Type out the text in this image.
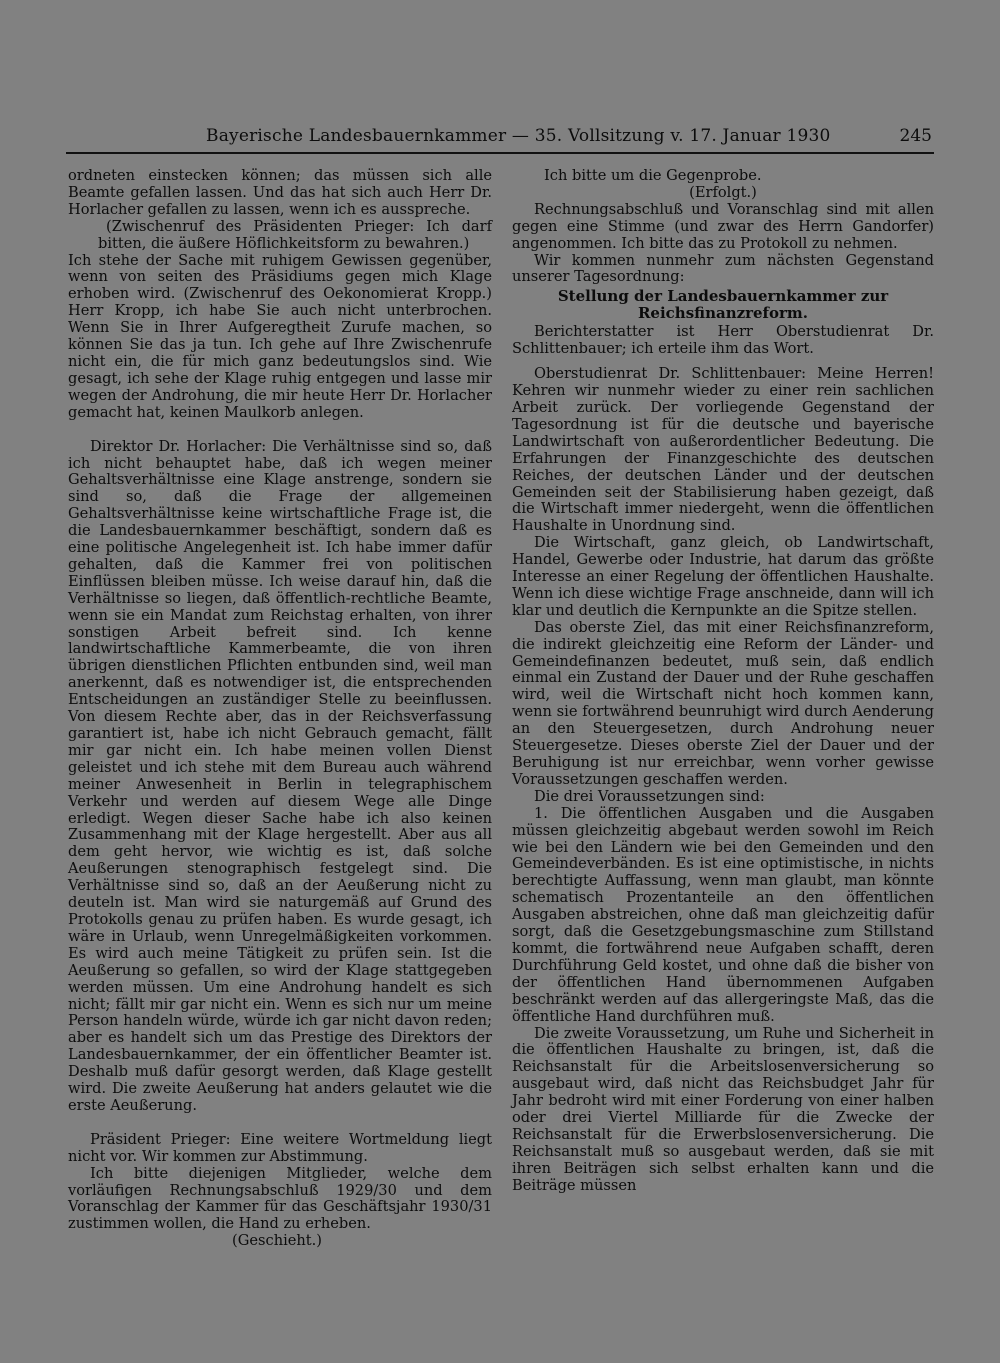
Bayerische Landesbauernkammer — 35. Vollsitzung v. 17. Januar 1930	245

ordneten einstecken können; das müssen sich alle Beamte gefallen lassen. Und das hat sich auch Herr Dr. Horlacher gefallen zu lassen, wenn ich es ausspreche.

(Zwischenruf des Präsidenten Prieger: Ich darf bitten, die äußere Höflichkeitsform zu bewahren.)

Ich stehe der Sache mit ruhigem Gewissen gegenüber, wenn von seiten des Präsidiums gegen mich Klage erhoben wird. (Zwischenruf des Oekonomierat Kropp.) Herr Kropp, ich habe Sie auch nicht unterbrochen. Wenn Sie in Ihrer Aufgeregtheit Zurufe machen, so können Sie das ja tun. Ich gehe auf Ihre Zwischenrufe nicht ein, die für mich ganz bedeutungslos sind. Wie gesagt, ich sehe der Klage ruhig entgegen und lasse mir wegen der Androhung, die mir heute Herr Dr. Horlacher gemacht hat, keinen Maulkorb anlegen.

Direktor Dr. Horlacher: Die Verhältnisse sind so, daß ich nicht behauptet habe, daß ich wegen meiner Gehaltsverhältnisse eine Klage anstrenge, sondern sie sind so, daß die Frage der allgemeinen Gehaltsverhältnisse keine wirtschaftliche Frage ist, die die Landesbauernkammer beschäftigt, sondern daß es eine politische Angelegenheit ist. Ich habe immer dafür gehalten, daß die Kammer frei von politischen Einflüssen bleiben müsse. Ich weise darauf hin, daß die Verhältnisse so liegen, daß öffentlich-rechtliche Beamte, wenn sie ein Mandat zum Reichstag erhalten, von ihrer sonstigen Arbeit befreit sind. Ich kenne landwirtschaftliche Kammerbeamte, die von ihren übrigen dienstlichen Pflichten entbunden sind, weil man anerkennt, daß es notwendiger ist, die entsprechenden Entscheidungen an zuständiger Stelle zu beeinflussen. Von diesem Rechte aber, das in der Reichsverfassung garantiert ist, habe ich nicht Gebrauch gemacht, fällt mir gar nicht ein. Ich habe meinen vollen Dienst geleistet und ich stehe mit dem Bureau auch während meiner Anwesenheit in Berlin in telegraphischem Verkehr und werden auf diesem Wege alle Dinge erledigt. Wegen dieser Sache habe ich also keinen Zusammenhang mit der Klage hergestellt. Aber aus all dem geht hervor, wie wichtig es ist, daß solche Aeußerungen stenographisch festgelegt sind. Die Verhältnisse sind so, daß an der Aeußerung nicht zu deuteln ist. Man wird sie naturgemäß auf Grund des Protokolls genau zu prüfen haben. Es wurde gesagt, ich wäre in Urlaub, wenn Unregelmäßigkeiten vorkommen. Es wird auch meine Tätigkeit zu prüfen sein. Ist die Aeußerung so gefallen, so wird der Klage stattgegeben werden müssen. Um eine Androhung handelt es sich nicht; fällt mir gar nicht ein. Wenn es sich nur um meine Person handeln würde, würde ich gar nicht davon reden; aber es handelt sich um das Prestige des Direktors der Landesbauernkammer, der ein öffentlicher Beamter ist. Deshalb muß dafür gesorgt werden, daß Klage gestellt wird. Die zweite Aeußerung hat anders gelautet wie die erste Aeußerung.

Präsident Prieger: Eine weitere Wortmeldung liegt nicht vor. Wir kommen zur Abstimmung.

Ich bitte diejenigen Mitglieder, welche dem vorläufigen Rechnungsabschluß 1929/30 und dem Voranschlag der Kammer für das Geschäftsjahr 1930/31 zustimmen wollen, die Hand zu erheben.

(Geschieht.)

Ich bitte um die Gegenprobe.

(Erfolgt.)

Rechnungsabschluß und Voranschlag sind mit allen gegen eine Stimme (und zwar des Herrn Gandorfer) angenommen. Ich bitte das zu Protokoll zu nehmen.

Wir kommen nunmehr zum nächsten Gegenstand unserer Tagesordnung:

Stellung der Landesbauernkammer zur Reichsfinanzreform.

Berichterstatter ist Herr Oberstudienrat Dr. Schlittenbauer; ich erteile ihm das Wort.

Oberstudienrat Dr. Schlittenbauer: Meine Herren! Kehren wir nunmehr wieder zu einer rein sachlichen Arbeit zurück. Der vorliegende Gegenstand der Tagesordnung ist für die deutsche und bayerische Landwirtschaft von außerordentlicher Bedeutung. Die Erfahrungen der Finanzgeschichte des deutschen Reiches, der deutschen Länder und der deutschen Gemeinden seit der Stabilisierung haben gezeigt, daß die Wirtschaft immer niedergeht, wenn die öffentlichen Haushalte in Unordnung sind.

Die Wirtschaft, ganz gleich, ob Landwirtschaft, Handel, Gewerbe oder Industrie, hat darum das größte Interesse an einer Regelung der öffentlichen Haushalte. Wenn ich diese wichtige Frage anschneide, dann will ich klar und deutlich die Kernpunkte an die Spitze stellen.

Das oberste Ziel, das mit einer Reichsfinanzreform, die indirekt gleichzeitig eine Reform der Länder- und Gemeindefinanzen bedeutet, muß sein, daß endlich einmal ein Zustand der Dauer und der Ruhe geschaffen wird, weil die Wirtschaft nicht hoch kommen kann, wenn sie fortwährend beunruhigt wird durch Aenderung an den Steuergesetzen, durch Androhung neuer Steuergesetze. Dieses oberste Ziel der Dauer und der Beruhigung ist nur erreichbar, wenn vorher gewisse Voraussetzungen geschaffen werden.

Die drei Voraussetzungen sind:

1. Die öffentlichen Ausgaben und die Ausgaben müssen gleichzeitig abgebaut werden sowohl im Reich wie bei den Ländern wie bei den Gemeinden und den Gemeindeverbänden. Es ist eine optimistische, in nichts berechtigte Auffassung, wenn man glaubt, man könnte schematisch Prozentanteile an den öffentlichen Ausgaben abstreichen, ohne daß man gleichzeitig dafür sorgt, daß die Gesetzgebungsmaschine zum Stillstand kommt, die fortwährend neue Aufgaben schafft, deren Durchführung Geld kostet, und ohne daß die bisher von der öffentlichen Hand übernommenen Aufgaben beschränkt werden auf das allergeringste Maß, das die öffentliche Hand durchführen muß.

Die zweite Voraussetzung, um Ruhe und Sicherheit in die öffentlichen Haushalte zu bringen, ist, daß die Reichsanstalt für die Arbeitslosenversicherung so ausgebaut wird, daß nicht das Reichsbudget Jahr für Jahr bedroht wird mit einer Forderung von einer halben oder drei Viertel Milliarde für die Zwecke der Reichsanstalt für die Erwerbslosenversicherung. Die Reichsanstalt muß so ausgebaut werden, daß sie mit ihren Beiträgen sich selbst erhalten kann und die Beiträge müssen
